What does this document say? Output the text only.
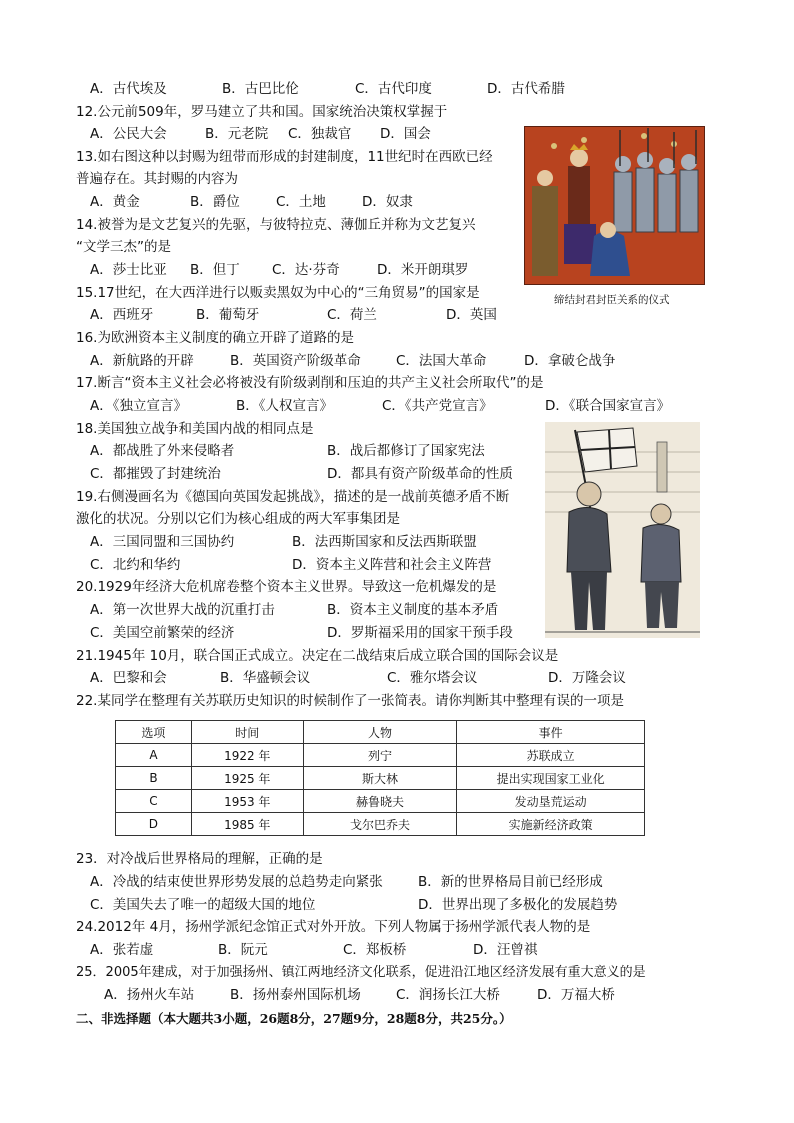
A．古代埃及	B．古巴比伦	C．古代印度	D．古代希腊
12.公元前509年，罗马建立了共和国。国家统治决策权掌握于
A．公民大会	B．元老院 C．独裁官 D．国会
缔结封君封臣关系的仪式
13.如右图这种以封赐为纽带而形成的封建制度，11世纪时在西欧已经
普遍存在。其封赐的内容为
A．黄金	B．爵位	C．土地	D．奴隶
14.被誉为是文艺复兴的先驱，与彼特拉克、薄伽丘并称为文艺复兴
“文学三杰”的是
A．莎士比亚 B．但丁 C．达·芬奇	D．米开朗琪罗
15.17世纪，在大西洋进行以贩卖黑奴为中心的“三角贸易”的国家是
A．西班牙	B．葡萄牙	C．荷兰	D．英国
16.为欧洲资本主义制度的确立开辟了道路的是
A．新航路的开辟	B．英国资产阶级革命	C．法国大革命	D．拿破仑战争
17.断言“资本主义社会必将被没有阶级剥削和压迫的共产主义社会所取代”的是
A．《独立宣言》	B．《人权宣言》	C．《共产党宣言》	D．《联合国家宣言》
18.美国独立战争和美国内战的相同点是
A．都战胜了外来侵略者	B．战后都修订了国家宪法
C．都摧毁了封建统治	D．都具有资产阶级革命的性质
19.右侧漫画名为《德国向英国发起挑战》，描述的是一战前英德矛盾不断
激化的状况。分别以它们为核心组成的两大军事集团是
A．三国同盟和三国协约	B．法西斯国家和反法西斯联盟
C．北约和华约	D．资本主义阵营和社会主义阵营
20.1929年经济大危机席卷整个资本主义世界。导致这一危机爆发的是
A．第一次世界大战的沉重打击	B．资本主义制度的基本矛盾
C．美国空前繁荣的经济	D．罗斯福采用的国家干预手段
21.1945年 10月，联合国正式成立。决定在二战结束后成立联合国的国际会议是
A．巴黎和会	B．华盛顿会议	C．雅尔塔会议	D．万隆会议
22.某同学在整理有关苏联历史知识的时候制作了一张简表。请你判断其中整理有误的一项是
选项	时间	人物	事件
A	1922 年	列宁	苏联成立
B	1925 年	斯大林	提出实现国家工业化
C	1953 年	赫鲁晓夫	发动垦荒运动
D	1985 年	戈尔巴乔夫	实施新经济政策
23．对冷战后世界格局的理解，正确的是
A．冷战的结束使世界形势发展的总趋势走向紧张	B．新的世界格局目前已经形成
C．美国失去了唯一的超级大国的地位	D．世界出现了多极化的发展趋势
24.2012年 4月，扬州学派纪念馆正式对外开放。下列人物属于扬州学派代表人物的是
A．张若虚	B．阮元	C．郑板桥	D．汪曾祺
25．2005年建成，对于加强扬州、镇江两地经济文化联系，促进沿江地区经济发展有重大意义的是
A．扬州火车站	B．扬州泰州国际机场	C．润扬长江大桥	D．万福大桥
二、非选择题（本大题共3小题，26题8分，27题9分，28题8分，共25分。）
